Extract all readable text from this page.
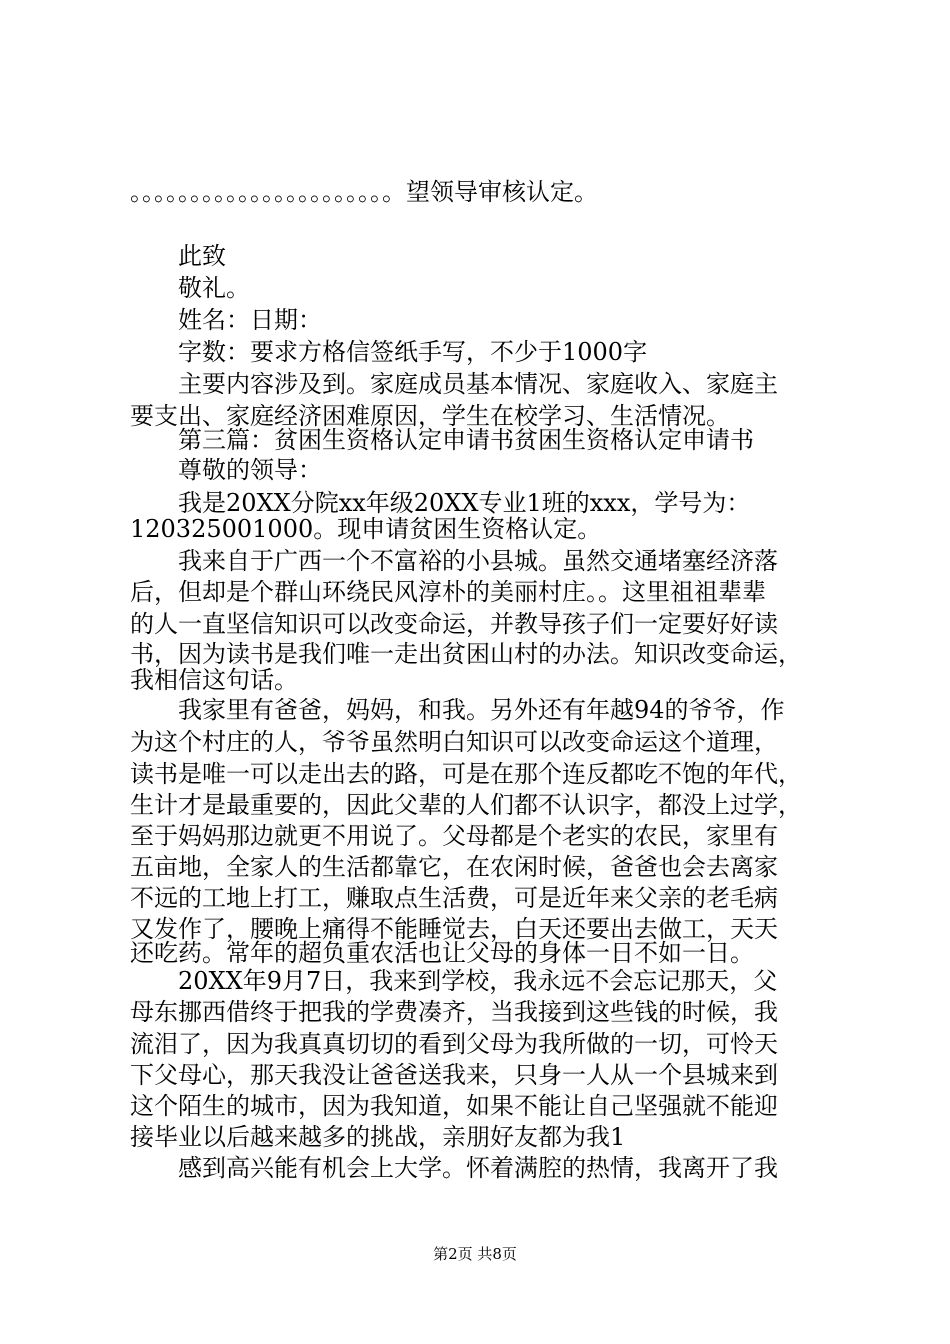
。。。。。。。。。。。。。。。。。。。。。。望领导审核认定。
此致
敬礼。
姓名：日期：
字数：要求方格信签纸手写，不少于1000字
主要内容涉及到。家庭成员基本情况、家庭收入、家庭主
要支出、家庭经济困难原因，学生在校学习、生活情况。
第三篇：贫困生资格认定申请书贫困生资格认定申请书
尊敬的领导：
我是20XX分院xx年级20XX专业1班的xxx，学号为：
120325001000。现申请贫困生资格认定。
我来自于广西一个不富裕的小县城。虽然交通堵塞经济落
后，但却是个群山环绕民风淳朴的美丽村庄。。这里祖祖辈辈
的人一直坚信知识可以改变命运，并教导孩子们一定要好好读
书，因为读书是我们唯一走出贫困山村的办法。知识改变命运，
我相信这句话。
我家里有爸爸，妈妈，和我。另外还有年越94的爷爷，作
为这个村庄的人，爷爷虽然明白知识可以改变命运这个道理，
读书是唯一可以走出去的路，可是在那个连反都吃不饱的年代，
生计才是最重要的，因此父辈的人们都不认识字，都没上过学，
至于妈妈那边就更不用说了。父母都是个老实的农民，家里有
五亩地，全家人的生活都靠它，在农闲时候，爸爸也会去离家
不远的工地上打工，赚取点生活费，可是近年来父亲的老毛病
又发作了，腰晚上痛得不能睡觉去，白天还要出去做工，天天
还吃药。常年的超负重农活也让父母的身体一日不如一日。
20XX年9月7日，我来到学校，我永远不会忘记那天，父
母东挪西借终于把我的学费凑齐，当我接到这些钱的时候，我
流泪了，因为我真真切切的看到父母为我所做的一切，可怜天
下父母心，那天我没让爸爸送我来，只身一人从一个县城来到
这个陌生的城市，因为我知道，如果不能让自己坚强就不能迎
接毕业以后越来越多的挑战，亲朋好友都为我1
感到高兴能有机会上大学。怀着满腔的热情，我离开了我
第2页 共8页
